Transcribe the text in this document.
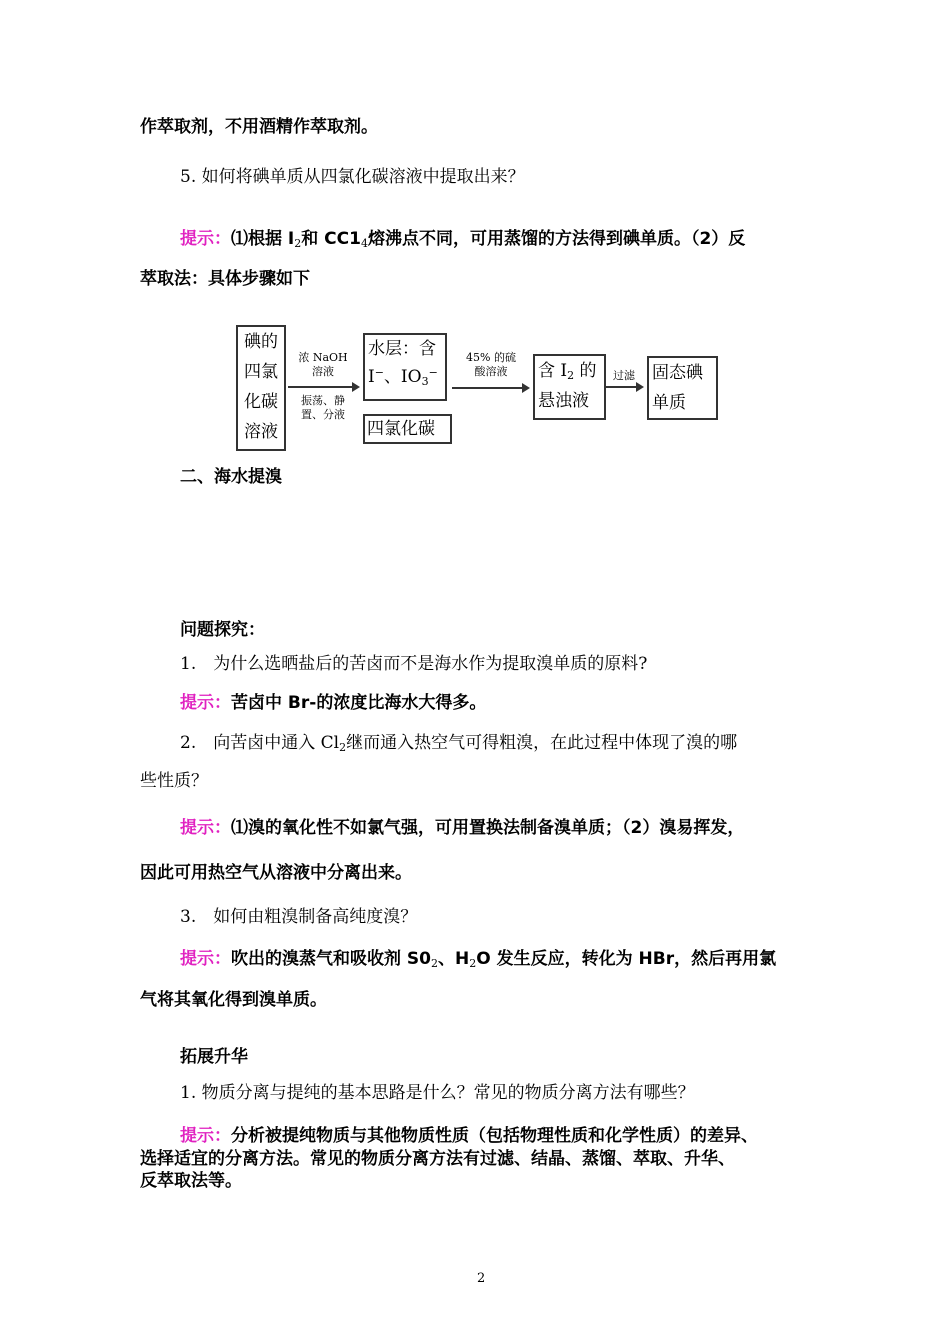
作萃取剂，不用酒精作萃取剂。
5. 如何将碘单质从四氯化碳溶液中提取出来？
提示：⑴根据 $I_2$和 $CC1_4$熔沸点不同，可用蒸馏的方法得到碘单质。（2）反
萃取法：具体步骤如下
碘的
四氯
化碳
溶液
浓 NaOH
溶液
振荡、静
置、分液
水层：含
I−、$IO_3^-$
四氯化碳
45% 的硫
酸溶液	含 $I_2$ 的
悬浊液
过滤	固态碘
单质
二、海水提溴
问题探究：
1.　为什么选晒盐后的苦卤而不是海水作为提取溴单质的原料?
提示：苦卤中 Br-的浓度比海水大得多。
2.　向苦卤中通入 $Cl_2$继而通入热空气可得粗溴，在此过程中体现了溴的哪
些性质？
提示：⑴溴的氧化性不如氯气强，可用置换法制备溴单质；（2）溴易挥发，
因此可用热空气从溶液中分离出来。
3.　如何由粗溴制备高纯度溴？
提示：吹出的溴蒸气和吸收剂 $S0_2$、$H_2O$ 发生反应，转化为 HBr，然后再用氯
气将其氧化得到溴单质。
拓展升华
1. 物质分离与提纯的基本思路是什么？常见的物质分离方法有哪些？
提示：分析被提纯物质与其他物质性质（包括物理性质和化学性质）的差异、
选择适宜的分离方法。常见的物质分离方法有过滤、结晶、蒸馏、萃取、升华、
反萃取法等。
2
